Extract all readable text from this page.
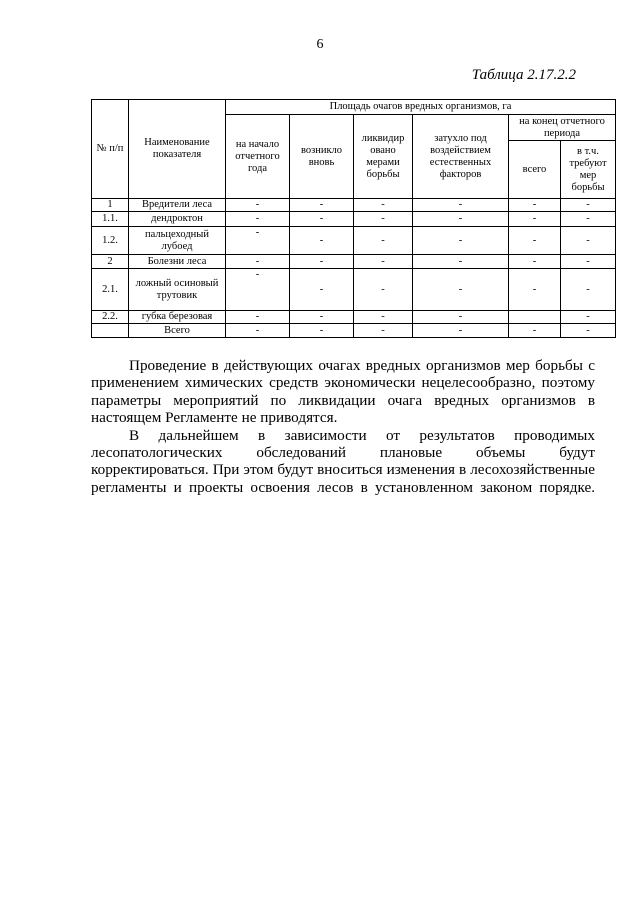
6
Таблица 2.17.2.2
№ п/п	Наименование показателя	Площадь очагов вредных организмов, га					
		на начало отчетного года	возникло вновь	ликвидир овано мерами борьбы	затухло под воздействием естественных факторов	на конец отчетного периода	
						всего	в т.ч. требуют мер борьбы
1	Вредители леса	-	-	-	-	-	-
1.1.	дендроктон	-	-	-	-	-	-
1.2.	пальцеходный лубоед	-	-	-	-	-	-
2	Болезни леса	-	-	-	-	-	-
2.1.	ложный осиновый трутовик	-	-	-	-	-	-
2.2.	губка березовая	-	-	-	-		-
	Всего	-	-	-	-	-	-

Проведение в действующих очагах вредных организмов мер борьбы с применением химических средств экономически нецелесообразно, поэтому параметры мероприятий по ликвидации очага вредных организмов в настоящем Регламенте не приводятся.

В дальнейшем в зависимости от результатов проводимых лесопатологических обследований плановые объемы будут корректироваться. При этом будут вноситься изменения в лесохозяйственные регламенты и проекты освоения лесов в установленном законом порядке.
